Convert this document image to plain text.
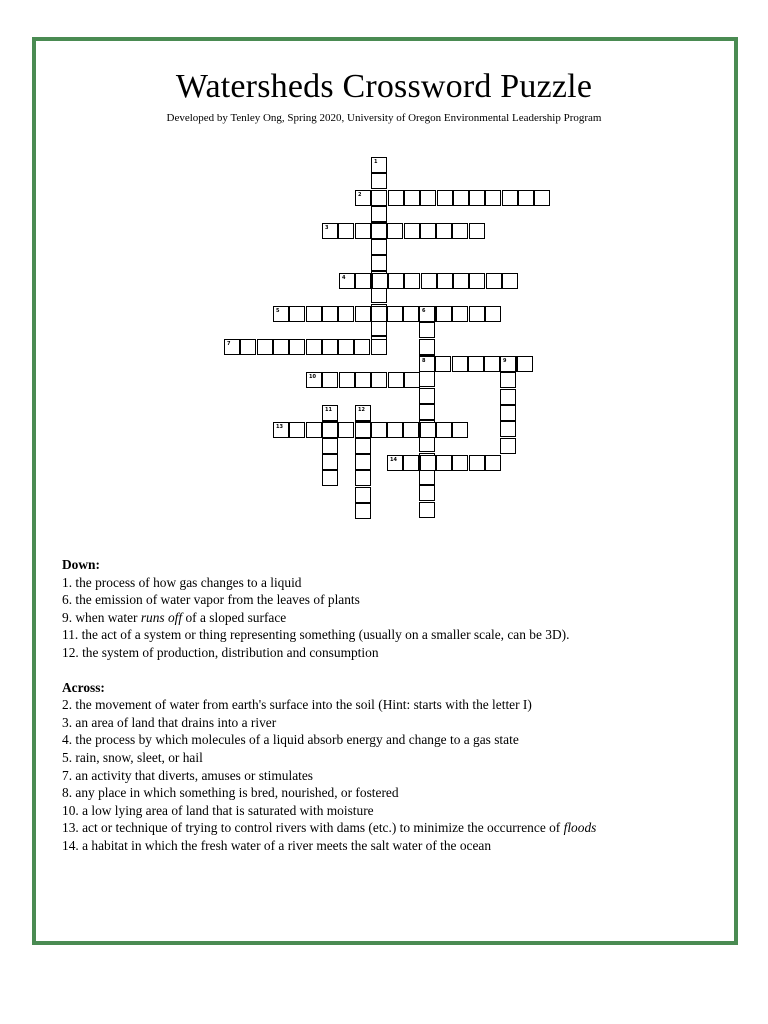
Watersheds Crossword Puzzle
Developed by Tenley Ong, Spring 2020, University of Oregon Environmental Leadership Program
1
2
3
4
5	6
7
8	9
10
11	12
13
14
Down:
1. the process of how gas changes to a liquid
6. the emission of water vapor from the leaves of plants
9. when water runs off of a sloped surface
11. the act of a system or thing representing something (usually on a smaller scale, can be 3D).
12. the system of production, distribution and consumption
Across:
2. the movement of water from earth's surface into the soil (Hint: starts with the letter I)
3. an area of land that drains into a river
4. the process by which molecules of a liquid absorb energy and change to a gas state
5. rain, snow, sleet, or hail
7. an activity that diverts, amuses or stimulates
8. any place in which something is bred, nourished, or fostered
10. a low lying area of land that is saturated with moisture
13. act or technique of trying to control rivers with dams (etc.) to minimize the occurrence of floods
14. a habitat in which the fresh water of a river meets the salt water of the ocean
